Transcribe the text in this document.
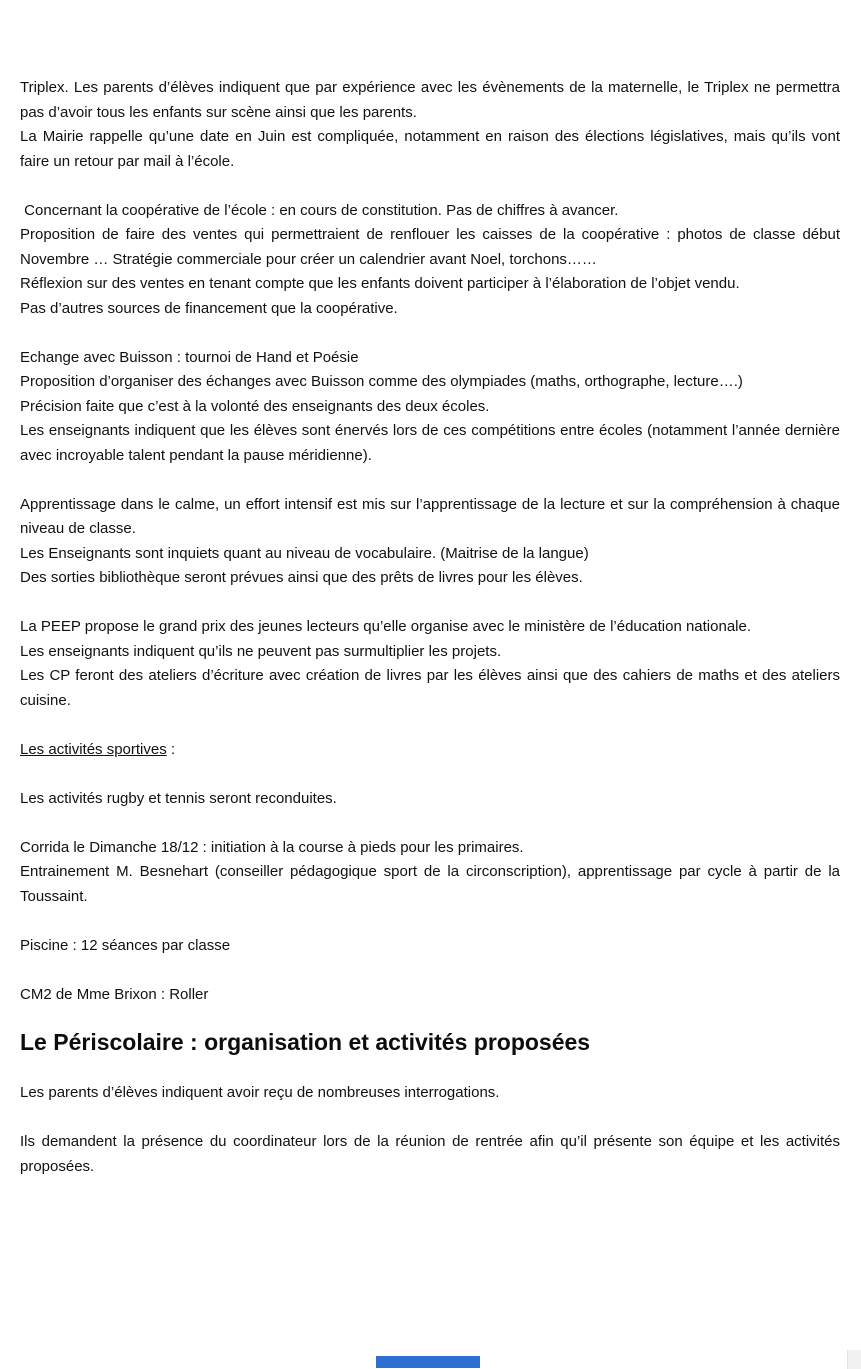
Triplex. Les parents d’élèves indiquent que par expérience avec les évènements de la maternelle, le Triplex ne permettra pas d’avoir tous les enfants sur scène ainsi que les parents.

La Mairie rappelle qu’une date en Juin est compliquée, notamment en raison des élections législatives, mais qu’ils vont faire un retour par mail à l’école.

Concernant la coopérative de l’école : en cours de constitution. Pas de chiffres à avancer.

Proposition de faire des ventes qui permettraient de renflouer les caisses de la coopérative : photos de classe début Novembre … Stratégie commerciale pour créer un calendrier avant Noel, torchons……

Réflexion sur des ventes en tenant compte que les enfants doivent participer à l’élaboration de l’objet vendu.

Pas d’autres sources de financement que la coopérative.

Echange avec Buisson : tournoi de Hand et Poésie

Proposition d’organiser des échanges avec Buisson comme des olympiades (maths, orthographe, lecture….)

Précision faite que c’est à la volonté des enseignants des deux écoles.

Les enseignants indiquent que les élèves sont énervés lors de ces compétitions entre écoles (notamment l’année dernière avec incroyable talent pendant la pause méridienne).

Apprentissage dans le calme, un effort intensif est mis sur l’apprentissage de la lecture et sur la compréhension à chaque niveau de classe.

Les Enseignants sont inquiets quant au niveau de vocabulaire. (Maitrise de la langue)

Des sorties bibliothèque seront prévues ainsi que des prêts de livres pour les élèves.

La PEEP propose le grand prix des jeunes lecteurs qu’elle organise avec le ministère de l’éducation nationale.

Les enseignants indiquent qu’ils ne peuvent pas surmultiplier les projets.

Les CP feront des ateliers d’écriture avec création de livres par les élèves ainsi que des cahiers de maths et des ateliers cuisine.

Les activités sportives :

Les activités rugby et tennis seront reconduites.

Corrida le Dimanche 18/12 : initiation à la course à pieds pour les primaires.

Entrainement M. Besnehart (conseiller pédagogique sport de la circonscription), apprentissage par cycle à partir de la Toussaint.

Piscine : 12 séances par classe

CM2 de Mme Brixon : Roller

Le Périscolaire : organisation et activités proposées

Les parents d’élèves indiquent avoir reçu de nombreuses interrogations.

Ils demandent la présence du coordinateur lors de la réunion de rentrée afin qu’il présente son équipe et les activités proposées.
